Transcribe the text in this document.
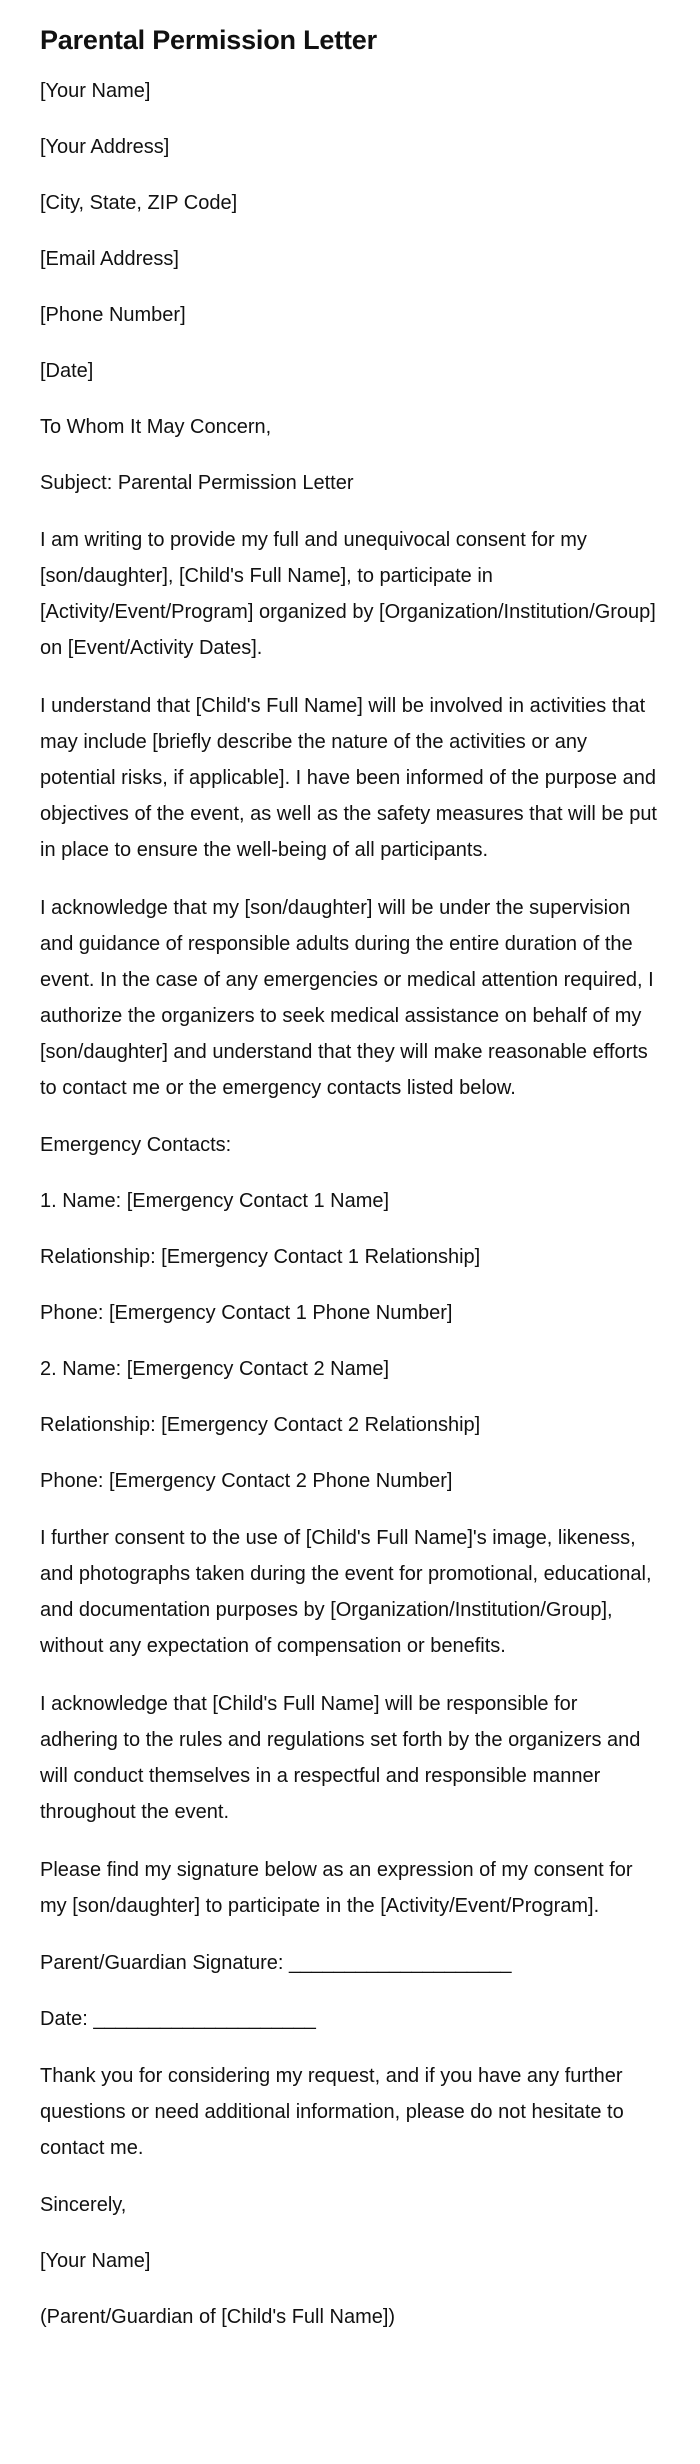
Parental Permission Letter

[Your Name]

[Your Address]

[City, State, ZIP Code]

[Email Address]

[Phone Number]

[Date]

To Whom It May Concern,

Subject: Parental Permission Letter

I am writing to provide my full and unequivocal consent for my [son/daughter], [Child's Full Name], to participate in [Activity/Event/Program] organized by [Organization/Institution/Group] on [Event/Activity Dates].

I understand that [Child's Full Name] will be involved in activities that may include [briefly describe the nature of the activities or any potential risks, if applicable]. I have been informed of the purpose and objectives of the event, as well as the safety measures that will be put in place to ensure the well-being of all participants.

I acknowledge that my [son/daughter] will be under the supervision and guidance of responsible adults during the entire duration of the event. In the case of any emergencies or medical attention required, I authorize the organizers to seek medical assistance on behalf of my [son/daughter] and understand that they will make reasonable efforts to contact me or the emergency contacts listed below.

Emergency Contacts:

1. Name: [Emergency Contact 1 Name]

Relationship: [Emergency Contact 1 Relationship]

Phone: [Emergency Contact 1 Phone Number]

2. Name: [Emergency Contact 2 Name]

Relationship: [Emergency Contact 2 Relationship]

Phone: [Emergency Contact 2 Phone Number]

I further consent to the use of [Child's Full Name]'s image, likeness, and photographs taken during the event for promotional, educational, and documentation purposes by [Organization/Institution/Group], without any expectation of compensation or benefits.

I acknowledge that [Child's Full Name] will be responsible for adhering to the rules and regulations set forth by the organizers and will conduct themselves in a respectful and responsible manner throughout the event.

Please find my signature below as an expression of my consent for my [son/daughter] to participate in the [Activity/Event/Program].

Parent/Guardian Signature: ____________________

Date: ____________________

Thank you for considering my request, and if you have any further questions or need additional information, please do not hesitate to contact me.

Sincerely,

[Your Name]

(Parent/Guardian of [Child's Full Name])
